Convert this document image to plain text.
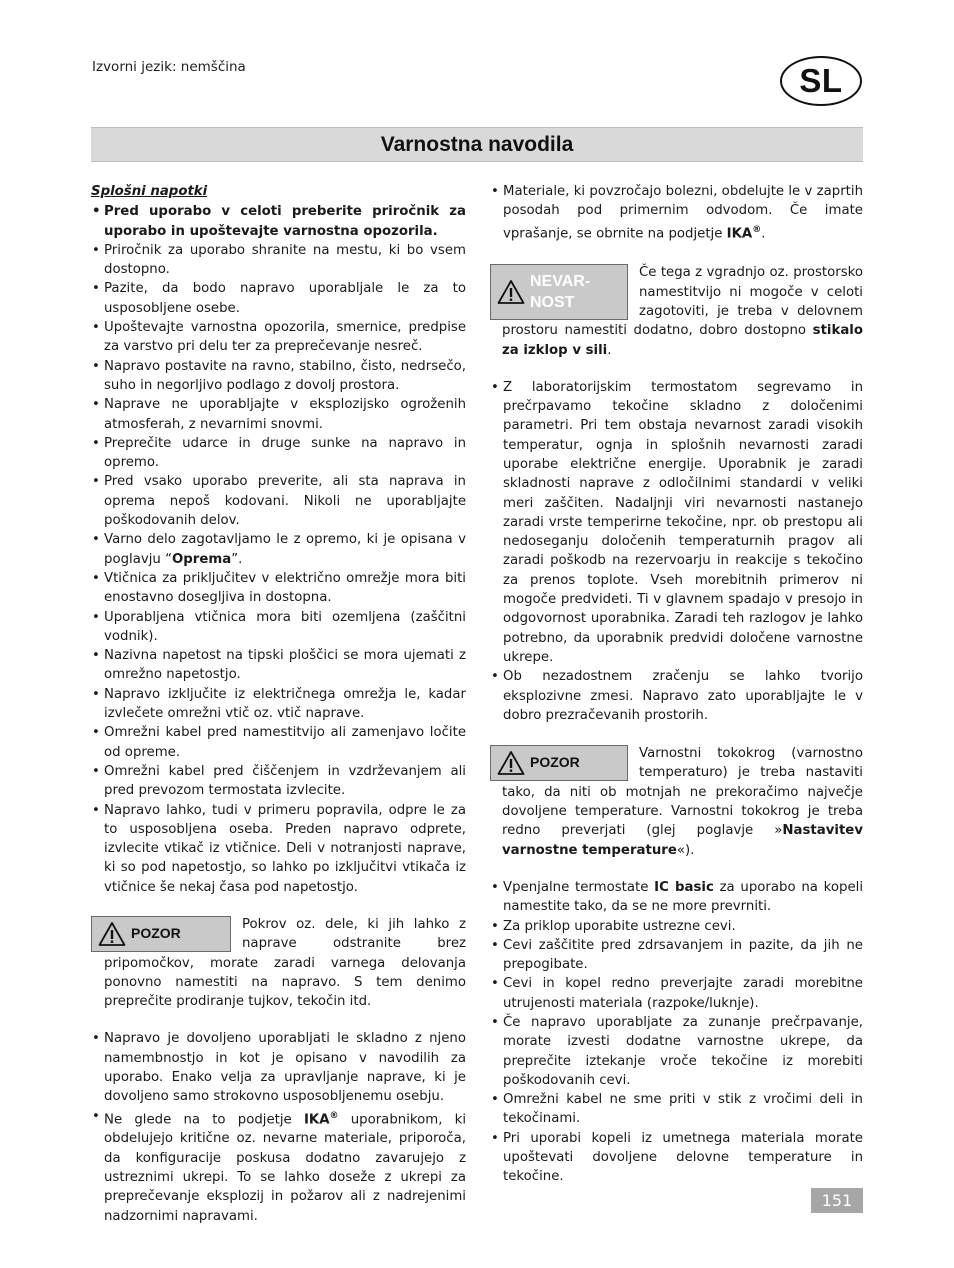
Izvorni jezik: nemščina	SL
Varnostna navodila
Splošni napotki
• Pred uporabo v celoti preberite priročnik za uporabo in upoštevajte varnostna opozorila.
• Priročnik za uporabo shranite na mestu, ki bo vsem dostopno.
• Pazite, da bodo napravo uporabljale le za to usposobljene osebe.
• Upoštevajte varnostna opozorila, smernice, predpise za varstvo pri delu ter za preprečevanje nesreč.
• Napravo postavite na ravno, stabilno, čisto, nedrsečo, suho in negorljivo podlago z dovolj prostora.
• Naprave ne uporabljajte v eksplozijsko ogroženih atmosferah, z nevarnimi snovmi.
• Preprečite udarce in druge sunke na napravo in opremo.
• Pred vsako uporabo preverite, ali sta naprava in oprema nepoš kodovani. Nikoli ne uporabljajte poškodovanih delov.
• Varno delo zagotavljamo le z opremo, ki je opisana v poglavju “Oprema”.
• Vtičnica za priključitev v električno omrežje mora biti enostavno dosegljiva in dostopna.
• Uporabljena vtičnica mora biti ozemljena (zaščitni vodnik).
• Nazivna napetost na tipski ploščici se mora ujemati z omrežno napetostjo.
• Napravo izključite iz električnega omrežja le, kadar izvlečete omrežni vtič oz. vtič naprave.
• Omrežni kabel pred namestitvijo ali zamenjavo ločite od opreme.
• Omrežni kabel pred čiščenjem in vzdrževanjem ali pred prevozom termostata izvlecite.
• Napravo lahko, tudi v primeru popravila, odpre le za to usposobljena oseba. Preden napravo odprete, izvlecite vtikač iz vtičnice. Deli v notranjosti naprave, ki so pod napetostjo, so lahko po izključitvi vtikača iz vtičnice še nekaj časa pod napetostjo.
POZOR

Pokrov oz. dele, ki jih lahko z naprave odstranite brez pripomočkov, morate zaradi varnega delovanja ponovno namestiti na napravo. S tem denimo preprečite prodiranje tujkov, tekočin itd.

• Napravo je dovoljeno uporabljati le skladno z njeno namembnostjo in kot je opisano v navodilih za uporabo. Enako velja za upravljanje naprave, ki je dovoljeno samo strokovno usposobljenemu osebju.
• Ne glede na to podjetje IKA® uporabnikom, ki obdelujejo kritične oz. nevarne materiale, priporoča, da konfiguracije poskusa dodatno zavarujejo z ustreznimi ukrepi. To se lahko doseže z ukrepi za preprečevanje eksplozij in požarov ali z nadrejenimi nadzornimi napravami.
• Materiale, ki povzročajo bolezni, obdelujte le v zaprtih posodah pod primernim odvodom. Če imate vprašanje, se obrnite na podjetje IKA®.
NEVAR-
NOST

Če tega z vgradnjo oz. prostorsko namestitvijo ni mogoče v celoti zagotoviti, je treba v delovnem prostoru namestiti dodatno, dobro dostopno stikalo za izklop v sili.

• Z laboratorijskim termostatom segrevamo in prečrpavamo tekočine skladno z določenimi parametri. Pri tem obstaja nevarnost zaradi visokih temperatur, ognja in splošnih nevarnosti zaradi uporabe električne energije. Uporabnik je zaradi skladnosti naprave z odločilnimi standardi v veliki meri zaščiten. Nadaljnji viri nevarnosti nastanejo zaradi vrste temperirne tekočine, npr. ob prestopu ali nedoseganju določenih temperaturnih pragov ali zaradi poškodb na rezervoarju in reakcije s tekočino za prenos toplote. Vseh morebitnih primerov ni mogoče predvideti. Ti v glavnem spadajo v presojo in odgovornost uporabnika. Zaradi teh razlogov je lahko potrebno, da uporabnik predvidi določene varnostne ukrepe.
• Ob nezadostnem zračenju se lahko tvorijo eksplozivne zmesi. Napravo zato uporabljajte le v dobro prezračevanih prostorih.
POZOR

Varnostni tokokrog (varnostno temperaturo) je treba nastaviti tako, da niti ob motnjah ne prekoračimo največje dovoljene temperature. Varnostni tokokrog je treba redno preverjati (glej poglavje »Nastavitev varnostne temperature«).

• Vpenjalne termostate IC basic za uporabo na kopeli namestite tako, da se ne more prevrniti.
• Za priklop uporabite ustrezne cevi.
• Cevi zaščitite pred zdrsavanjem in pazite, da jih ne prepogibate.
• Cevi in kopel redno preverjajte zaradi morebitne utrujenosti materiala (razpoke/luknje).
• Če napravo uporabljate za zunanje prečrpavanje, morate izvesti dodatne varnostne ukrepe, da preprečite iztekanje vroče tekočine iz morebiti poškodovanih cevi.
• Omrežni kabel ne sme priti v stik z vročimi deli in tekočinami.
• Pri uporabi kopeli iz umetnega materiala morate upoštevati dovoljene delovne temperature in tekočine.
151
